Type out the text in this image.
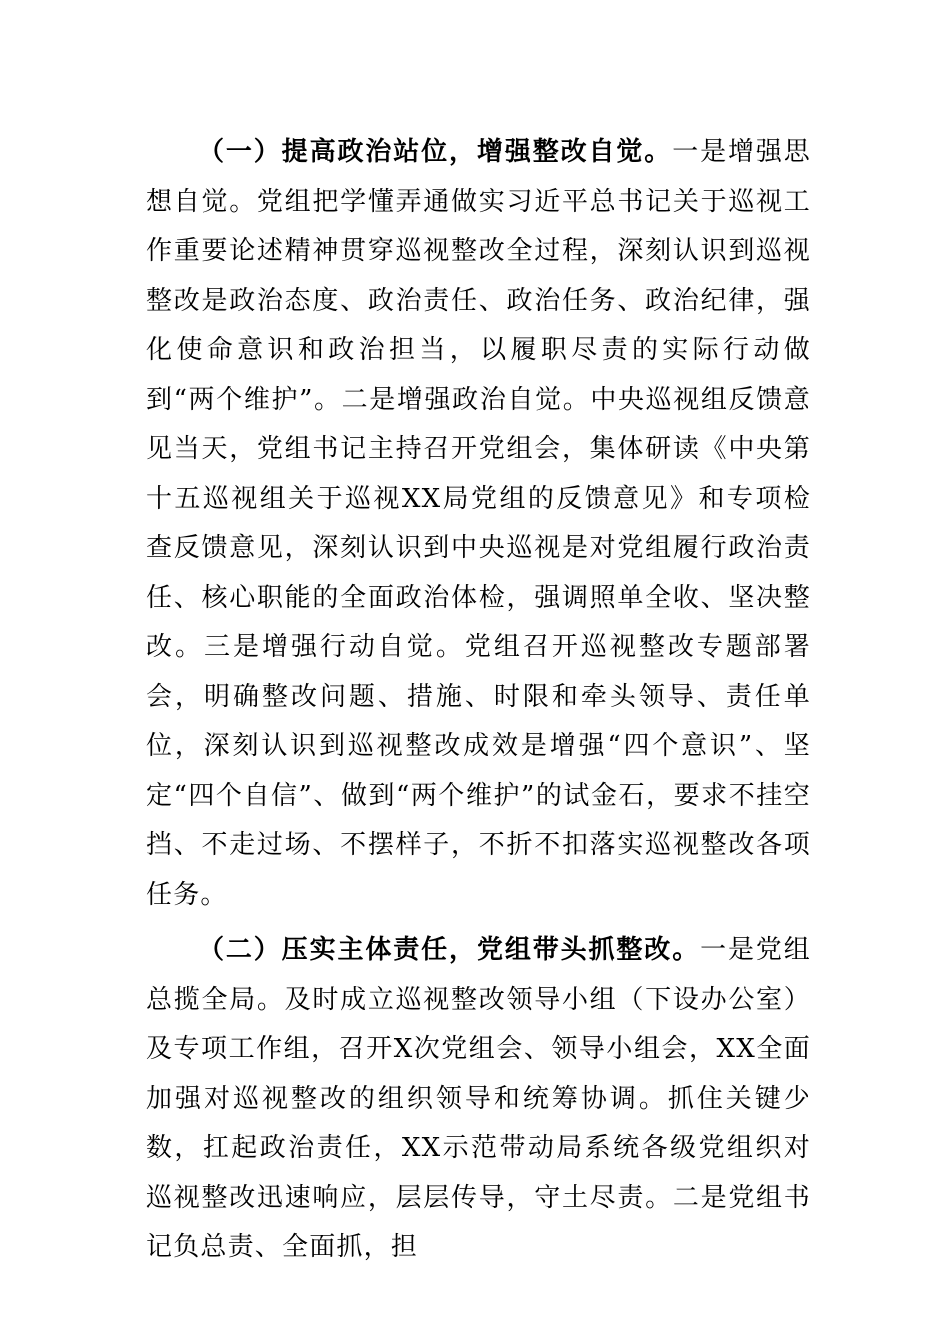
（一）提高政治站位，增强整改自觉。一是增强思想自觉。党组把学懂弄通做实习近平总书记关于巡视工作重要论述精神贯穿巡视整改全过程，深刻认识到巡视整改是政治态度、政治责任、政治任务、政治纪律，强化使命意识和政治担当，以履职尽责的实际行动做到“两个维护”。二是增强政治自觉。中央巡视组反馈意见当天，党组书记主持召开党组会，集体研读《中央第十五巡视组关于巡视XX局党组的反馈意见》和专项检查反馈意见，深刻认识到中央巡视是对党组履行政治责任、核心职能的全面政治体检，强调照单全收、坚决整改。三是增强行动自觉。党组召开巡视整改专题部署会，明确整改问题、措施、时限和牵头领导、责任单位，深刻认识到巡视整改成效是增强“四个意识”、坚定“四个自信”、做到“两个维护”的试金石，要求不挂空挡、不走过场、不摆样子，不折不扣落实巡视整改各项任务。

（二）压实主体责任，党组带头抓整改。一是党组总揽全局。及时成立巡视整改领导小组（下设办公室）及专项工作组，召开X次党组会、领导小组会，XX全面加强对巡视整改的组织领导和统筹协调。抓住关键少数，扛起政治责任，XX示范带动局系统各级党组织对巡视整改迅速响应，层层传导，守土尽责。二是党组书记负总责、全面抓，担
